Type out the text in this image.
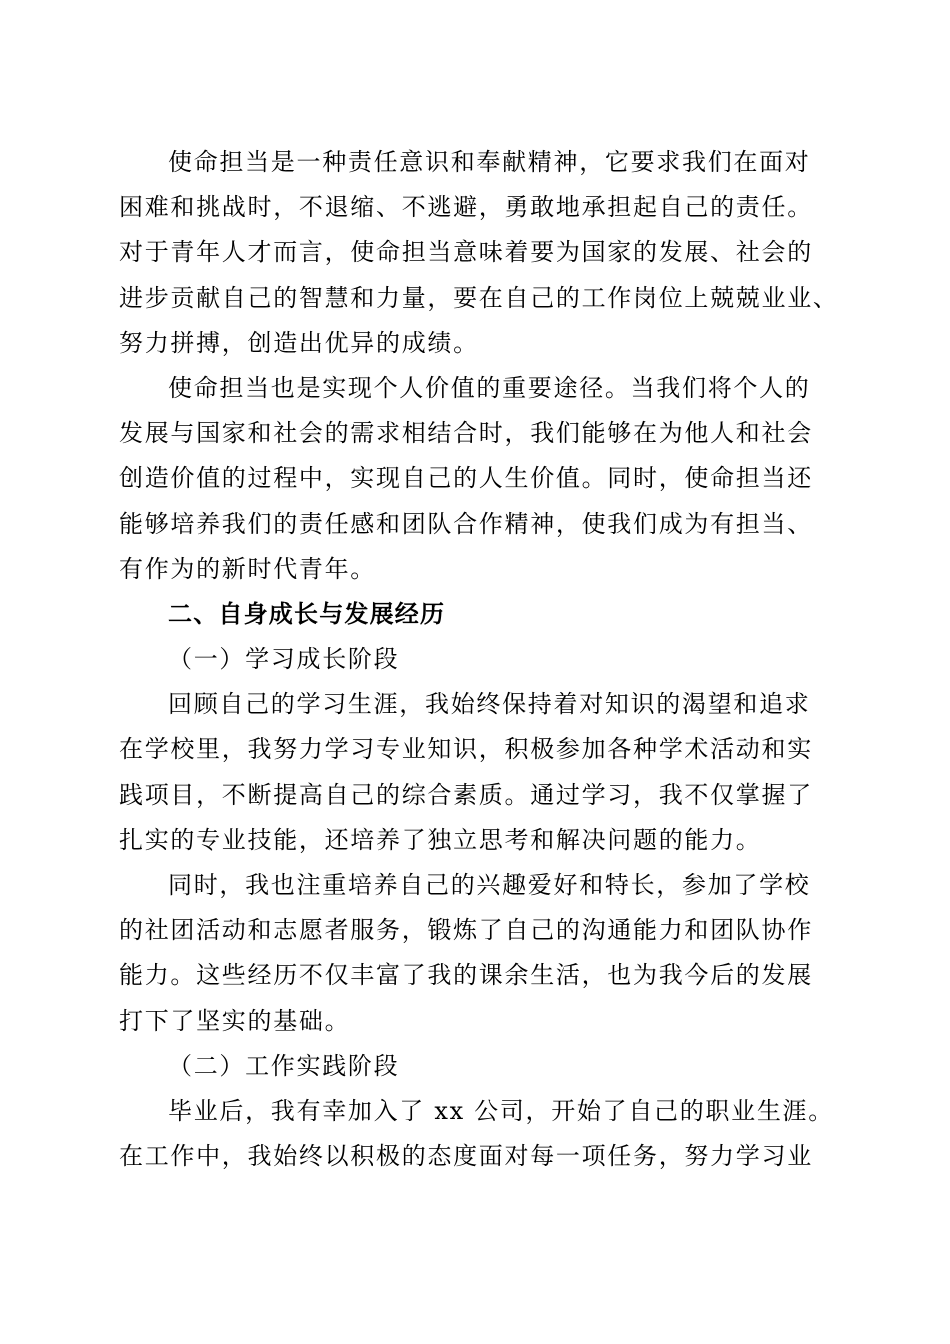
使命担当是一种责任意识和奉献精神，它要求我们在面对
困难和挑战时，不退缩、不逃避，勇敢地承担起自己的责任。
对于青年人才而言，使命担当意味着要为国家的发展、社会的
进步贡献自己的智慧和力量，要在自己的工作岗位上兢兢业业、
努力拼搏，创造出优异的成绩。
使命担当也是实现个人价值的重要途径。当我们将个人的
发展与国家和社会的需求相结合时，我们能够在为他人和社会
创造价值的过程中，实现自己的人生价值。同时，使命担当还
能够培养我们的责任感和团队合作精神，使我们成为有担当、
有作为的新时代青年。
二、自身成长与发展经历
（一）学习成长阶段
回顾自己的学习生涯，我始终保持着对知识的渴望和追求
在学校里，我努力学习专业知识，积极参加各种学术活动和实
践项目，不断提高自己的综合素质。通过学习，我不仅掌握了
扎实的专业技能，还培养了独立思考和解决问题的能力。
同时，我也注重培养自己的兴趣爱好和特长，参加了学校
的社团活动和志愿者服务，锻炼了自己的沟通能力和团队协作
能力。这些经历不仅丰富了我的课余生活，也为我今后的发展
打下了坚实的基础。
（二）工作实践阶段
毕业后，我有幸加入了 xx 公司，开始了自己的职业生涯。
在工作中，我始终以积极的态度面对每一项任务，努力学习业
